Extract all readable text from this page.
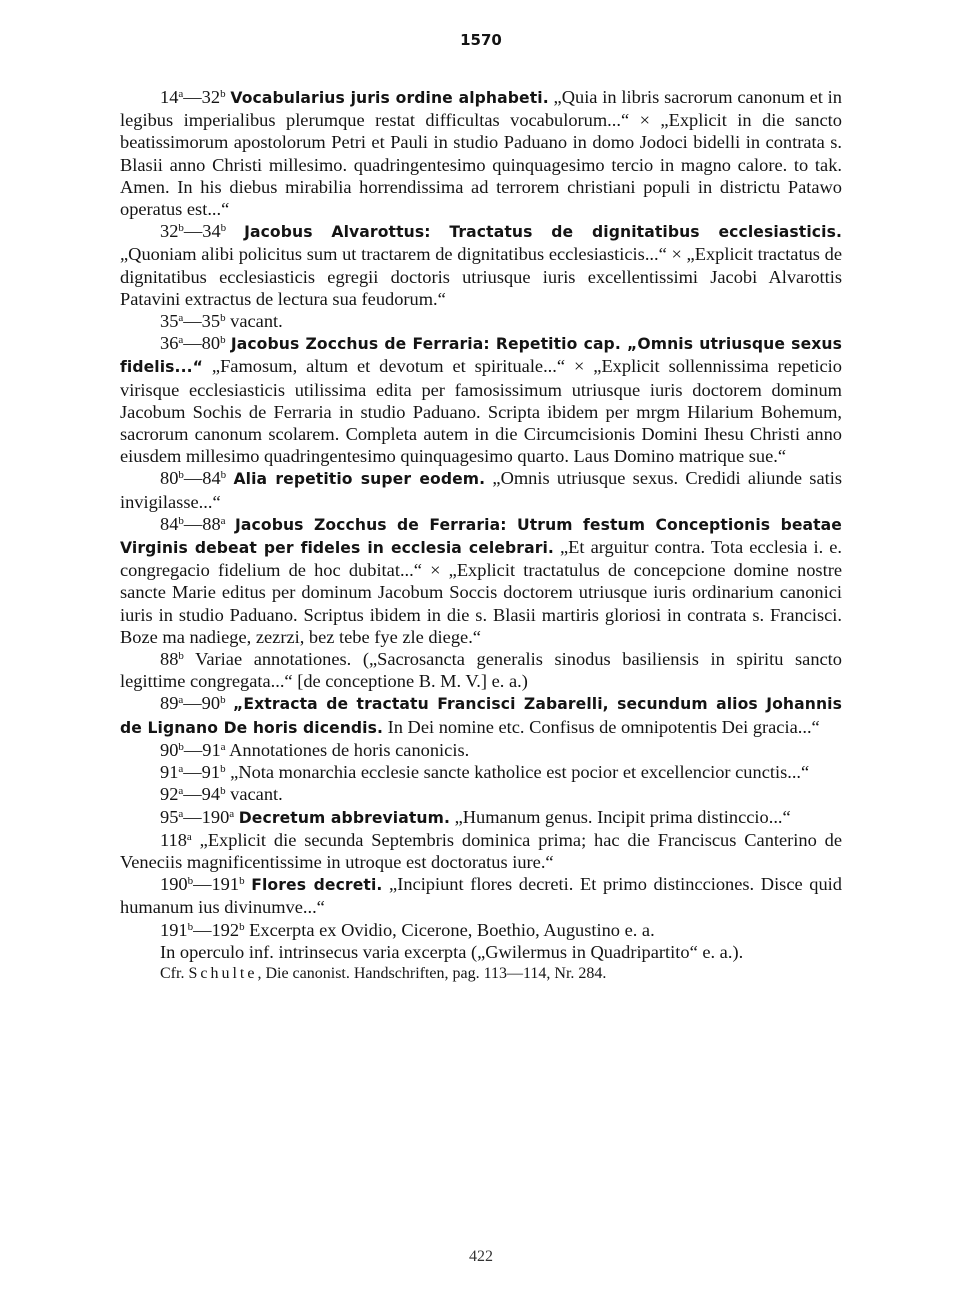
1570

14$^a$—32$^b$ Vocabularius juris ordine alphabeti. „Quia in libris sacrorum canonum et in legibus imperialibus plerumque restat difficultas vocabulorum...“ × „Explicit in die sancto beatissimorum apostolorum Petri et Pauli in studio Paduano in domo Jodoci bidelli in contrata s. Blasii anno Christi millesimo. quadringentesimo quinquagesimo tercio in magno calore. to tak. Amen. In his diebus mirabilia horrendissima ad terrorem christiani populi in districtu Patawo operatus est...“

32$^b$—34$^b$ Jacobus Alvarottus: Tractatus de dignitatibus ecclesiasticis. „Quoniam alibi policitus sum ut tractarem de dignitatibus ecclesiasticis...“ × „Explicit tractatus de dignitatibus ecclesiasticis egregii doctoris utriusque iuris excellentissimi Jacobi Alvarottis Patavini extractus de lectura sua feudorum.“

35$^a$—35$^b$ vacant.

36$^a$—80$^b$ Jacobus Zocchus de Ferraria: Repetitio cap. „Omnis utriusque sexus fidelis...“ „Famosum, altum et devotum et spirituale...“ × „Explicit sollennissima repeticio virisque ecclesiasticis utilissima edita per famosissimum utriusque iuris doctorem dominum Jacobum Sochis de Ferraria in studio Paduano. Scripta ibidem per mrgm Hilarium Bohemum, sacrorum canonum scolarem. Completa autem in die Circumcisionis Domini Ihesu Christi anno eiusdem millesimo quadringentesimo quinquagesimo quarto. Laus Domino matrique sue.“

80$^b$—84$^b$ Alia repetitio super eodem. „Omnis utriusque sexus. Credidi aliunde satis invigilasse...“

84$^b$—88$^a$ Jacobus Zocchus de Ferraria: Utrum festum Conceptionis beatae Virginis debeat per fideles in ecclesia celebrari. „Et arguitur contra. Tota ecclesia i. e. congregacio fidelium de hoc dubitat...“ × „Explicit tractatulus de concepcione domine nostre sancte Marie editus per dominum Jacobum Soccis doctorem utriusque iuris ordinarium canonici iuris in studio Paduano. Scriptus ibidem in die s. Blasii martiris gloriosi in contrata s. Francisci. Boze ma nadiege, zezrzi, bez tebe fye zle diege.“

88$^b$ Variae annotationes. („Sacrosancta generalis sinodus basiliensis in spiritu sancto legittime congregata...“ [de conceptione B. M. V.] e. a.)

89$^a$—90$^b$ „Extracta de tractatu Francisci Zabarelli, secundum alios Johannis de Lignano De horis dicendis. In Dei nomine etc. Confisus de omnipotentis Dei gracia...“

90$^b$—91$^a$ Annotationes de horis canonicis.

91$^a$—91$^b$ „Nota monarchia ecclesie sancte katholice est pocior et excellencior cunctis...“

92$^a$—94$^b$ vacant.

95$^a$—190$^a$ Decretum abbreviatum. „Humanum genus. Incipit prima distinccio...“

118$^a$ „Explicit die secunda Septembris dominica prima; hac die Franciscus Canterino de Veneciis magnificentissime in utroque est doctoratus iure.“

190$^b$—191$^b$ Flores decreti. „Incipiunt flores decreti. Et primo distincciones. Disce quid humanum ius divinumve...“

191$^b$—192$^b$ Excerpta ex Ovidio, Cicerone, Boethio, Augustino e. a.

In operculo inf. intrinsecus varia excerpta („Gwilermus in Quadripartito“ e. a.).

Cfr. Schulte, Die canonist. Handschriften, pag. 113—114, Nr. 284.

422
